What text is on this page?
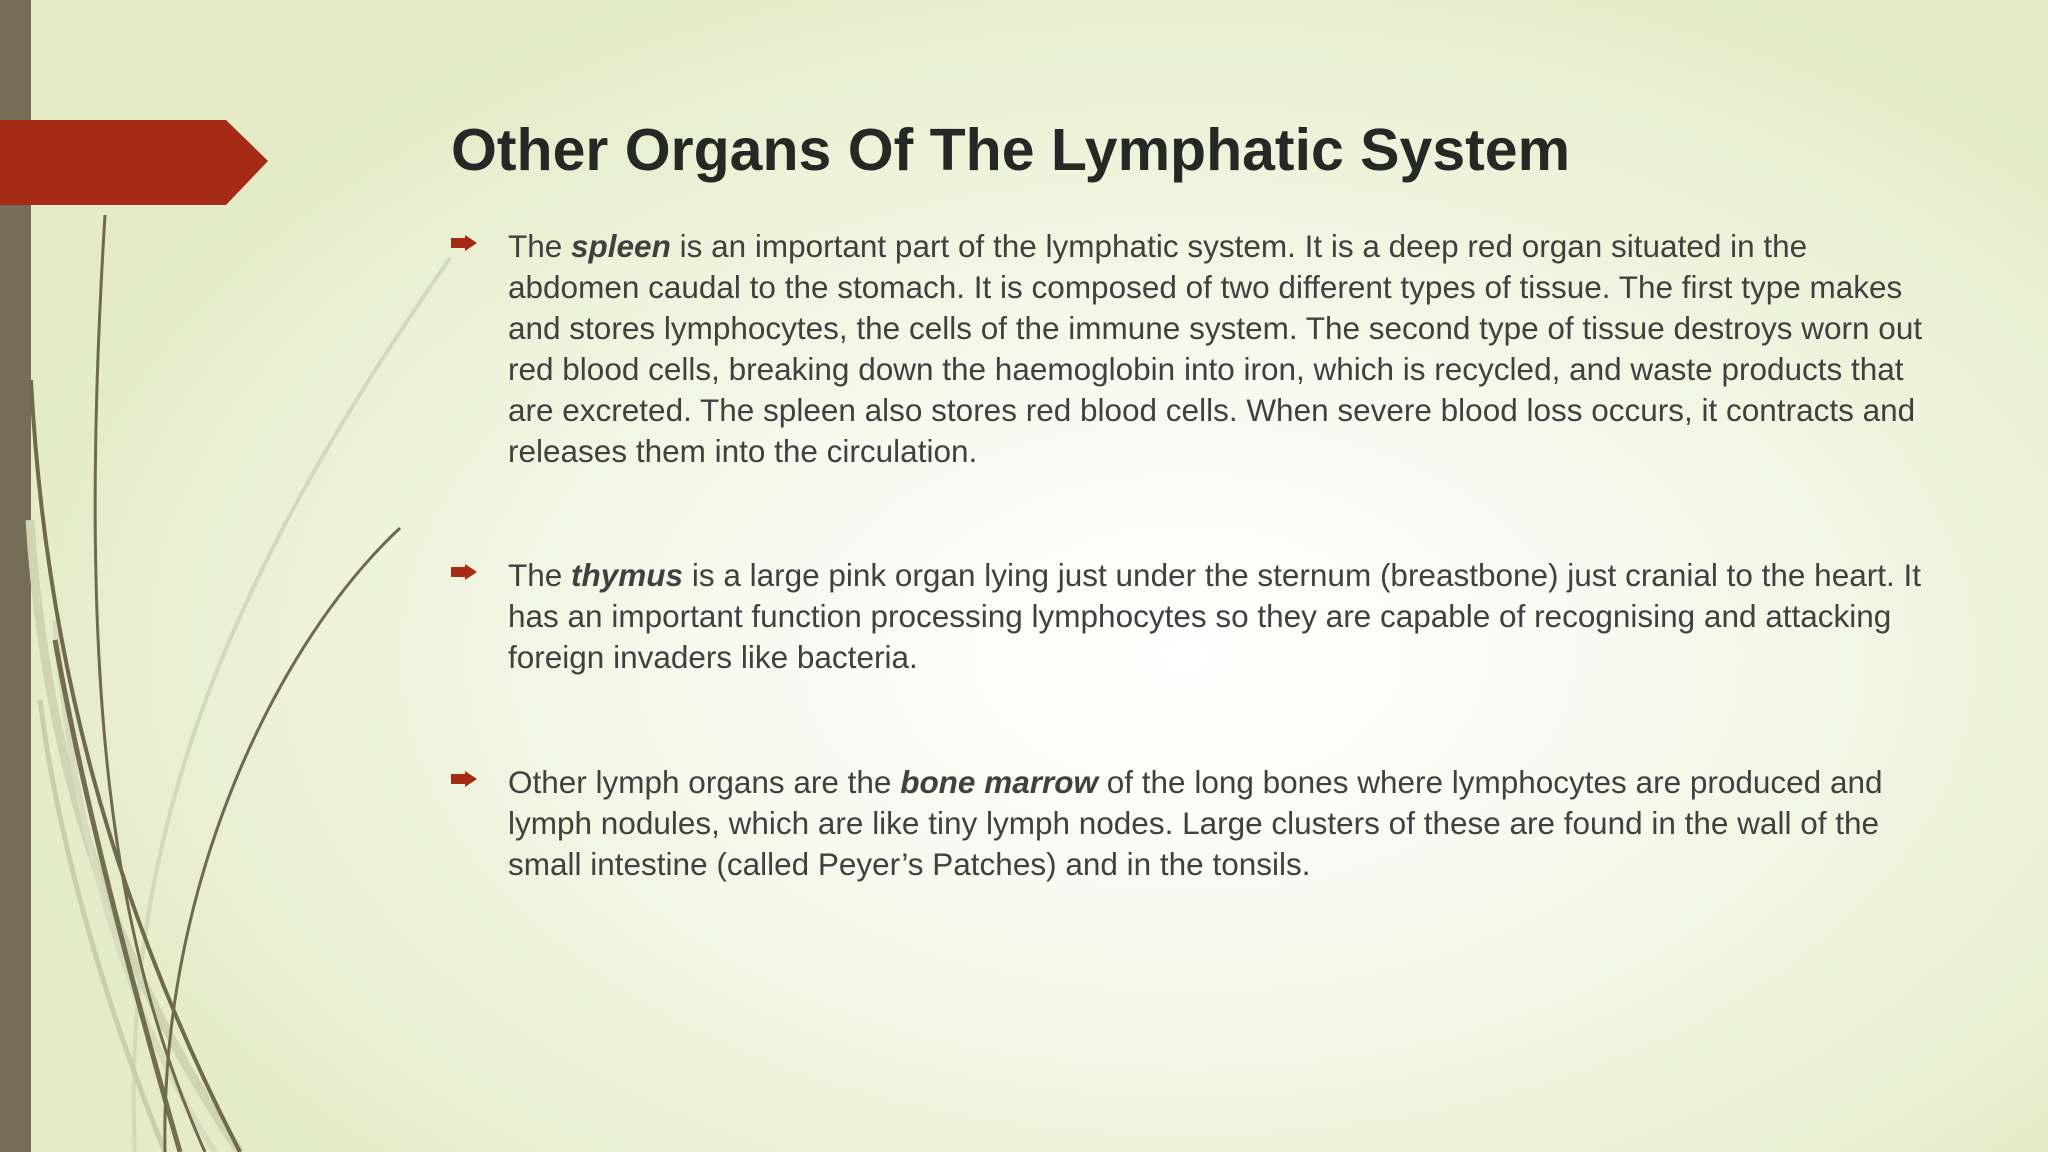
Other Organs Of The Lymphatic System

The spleen is an important part of the lymphatic system. It is a deep red organ situated in the abdomen caudal to the stomach. It is composed of two different types of tissue. The first type makes and stores lymphocytes, the cells of the immune system. The second type of tissue destroys worn out red blood cells, breaking down the haemoglobin into iron, which is recycled, and waste products that are excreted. The spleen also stores red blood cells. When severe blood loss occurs, it contracts and releases them into the circulation.

The thymus is a large pink organ lying just under the sternum (breastbone) just cranial to the heart. It has an important function processing lymphocytes so they are capable of recognising and attacking foreign invaders like bacteria.

Other lymph organs are the bone marrow of the long bones where lymphocytes are produced and lymph nodules, which are like tiny lymph nodes. Large clusters of these are found in the wall of the small intestine (called Peyer’s Patches) and in the tonsils.
